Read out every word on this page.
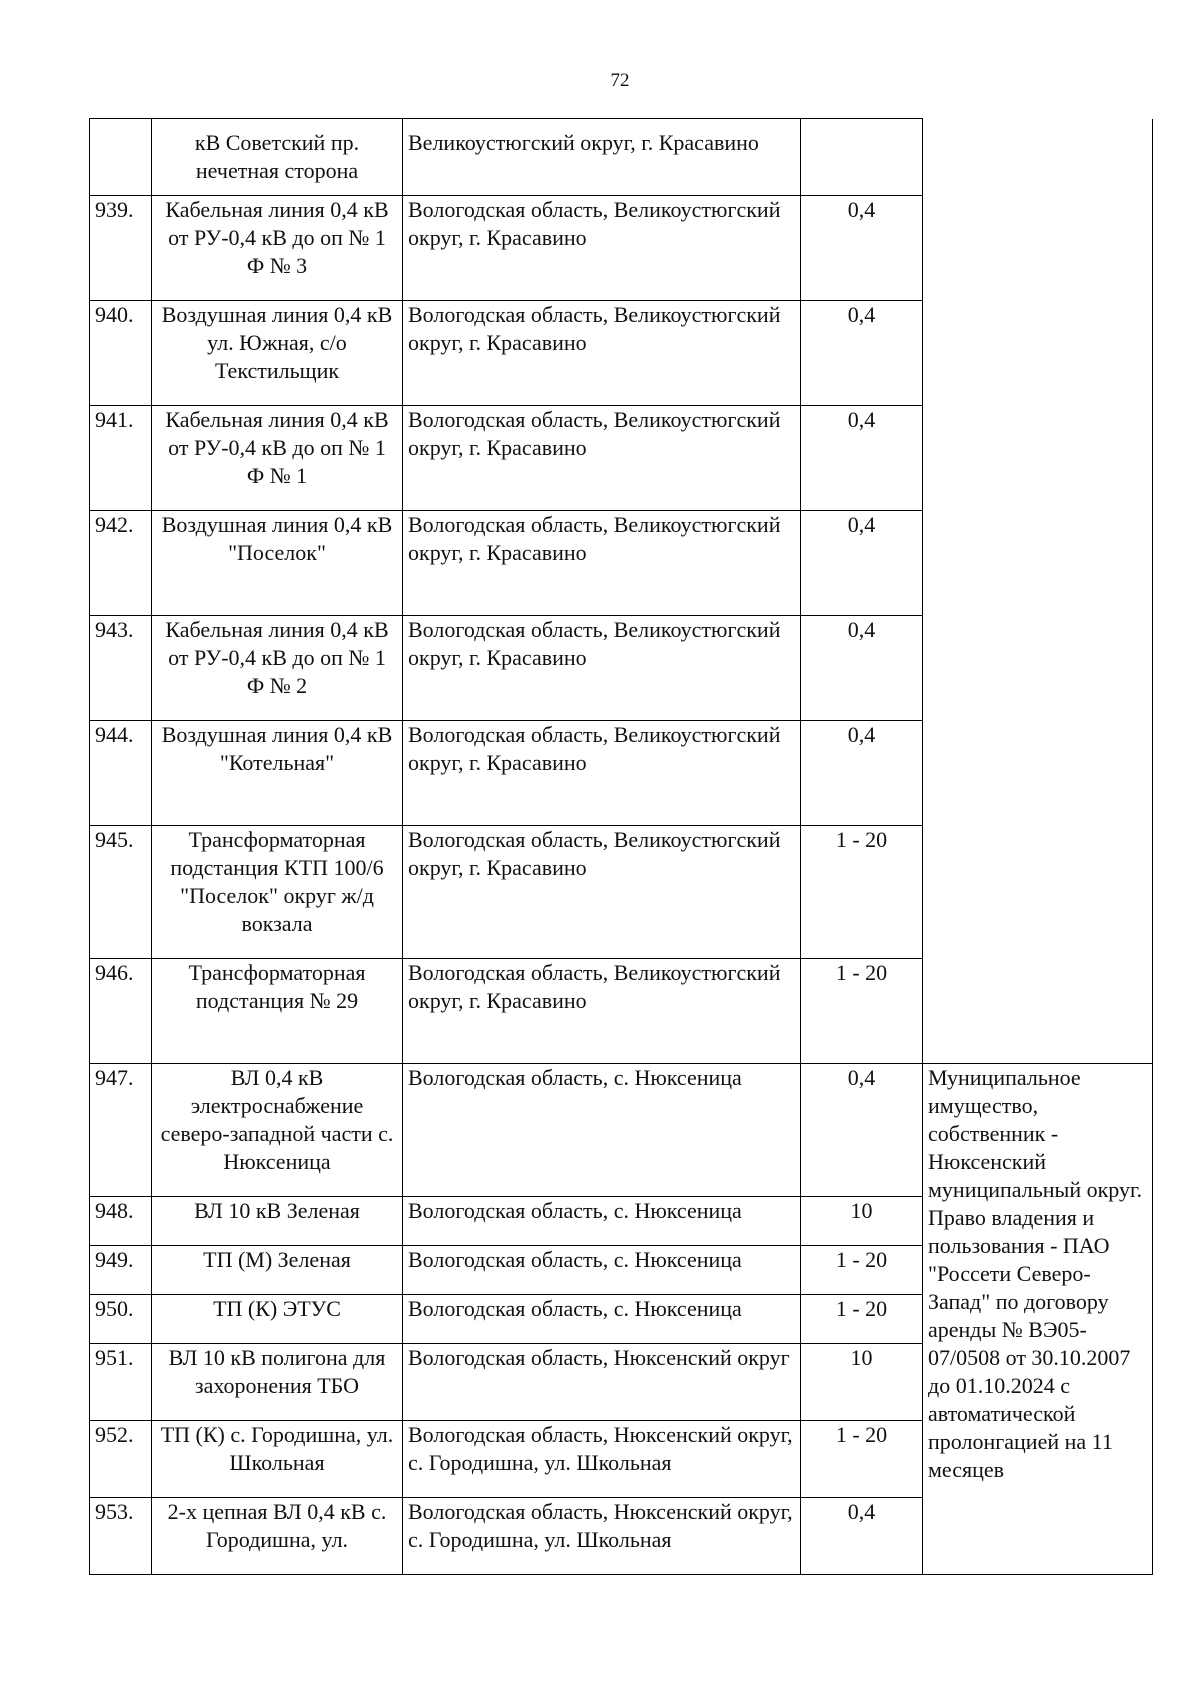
72
	кВ Советский пр. нечетная сторона	Великоустюгский округ, г. Красавино		
939.	Кабельная линия 0,4 кВ от РУ-0,4 кВ до оп № 1 Ф № 3	Вологодская область, Великоустюгский округ, г. Красавино	0,4	
940.	Воздушная линия 0,4 кВ ул. Южная, с/о Текстильщик	Вологодская область, Великоустюгский округ, г. Красавино	0,4	
941.	Кабельная линия 0,4 кВ от РУ-0,4 кВ до оп № 1 Ф № 1	Вологодская область, Великоустюгский округ, г. Красавино	0,4	
942.	Воздушная линия 0,4 кВ "Поселок"	Вологодская область, Великоустюгский округ, г. Красавино	0,4	
943.	Кабельная линия 0,4 кВ от РУ-0,4 кВ до оп № 1 Ф № 2	Вологодская область, Великоустюгский округ, г. Красавино	0,4	
944.	Воздушная линия 0,4 кВ "Котельная"	Вологодская область, Великоустюгский округ, г. Красавино	0,4	
945.	Трансформаторная подстанция КТП 100/6 "Поселок" округ ж/д вокзала	Вологодская область, Великоустюгский округ, г. Красавино	1 - 20	
946.	Трансформаторная подстанция № 29	Вологодская область, Великоустюгский округ, г. Красавино	1 - 20	
947.	ВЛ 0,4 кВ электроснабжение северо-западной части с. Нюксеница	Вологодская область, с. Нюксеница	0,4	Муниципальное имущество, собственник - Нюксенский муниципальный округ. Право владения и пользования - ПАО "Россети Северо-Запад" по договору аренды № ВЭ05-07/0508 от 30.10.2007 до 01.10.2024 с автоматической пролонгацией на 11 месяцев
948.	ВЛ 10 кВ Зеленая	Вологодская область, с. Нюксеница	10	
949.	ТП (М) Зеленая	Вологодская область, с. Нюксеница	1 - 20	
950.	ТП (К) ЭТУС	Вологодская область, с. Нюксеница	1 - 20	
951.	ВЛ 10 кВ полигона для захоронения ТБО	Вологодская область, Нюксенский округ	10	
952.	ТП (К) с. Городишна, ул. Школьная	Вологодская область, Нюксенский округ, с. Городишна, ул. Школьная	1 - 20	
953.	2-х цепная ВЛ 0,4 кВ с. Городишна, ул.	Вологодская область, Нюксенский округ, с. Городишна, ул. Школьная	0,4	
